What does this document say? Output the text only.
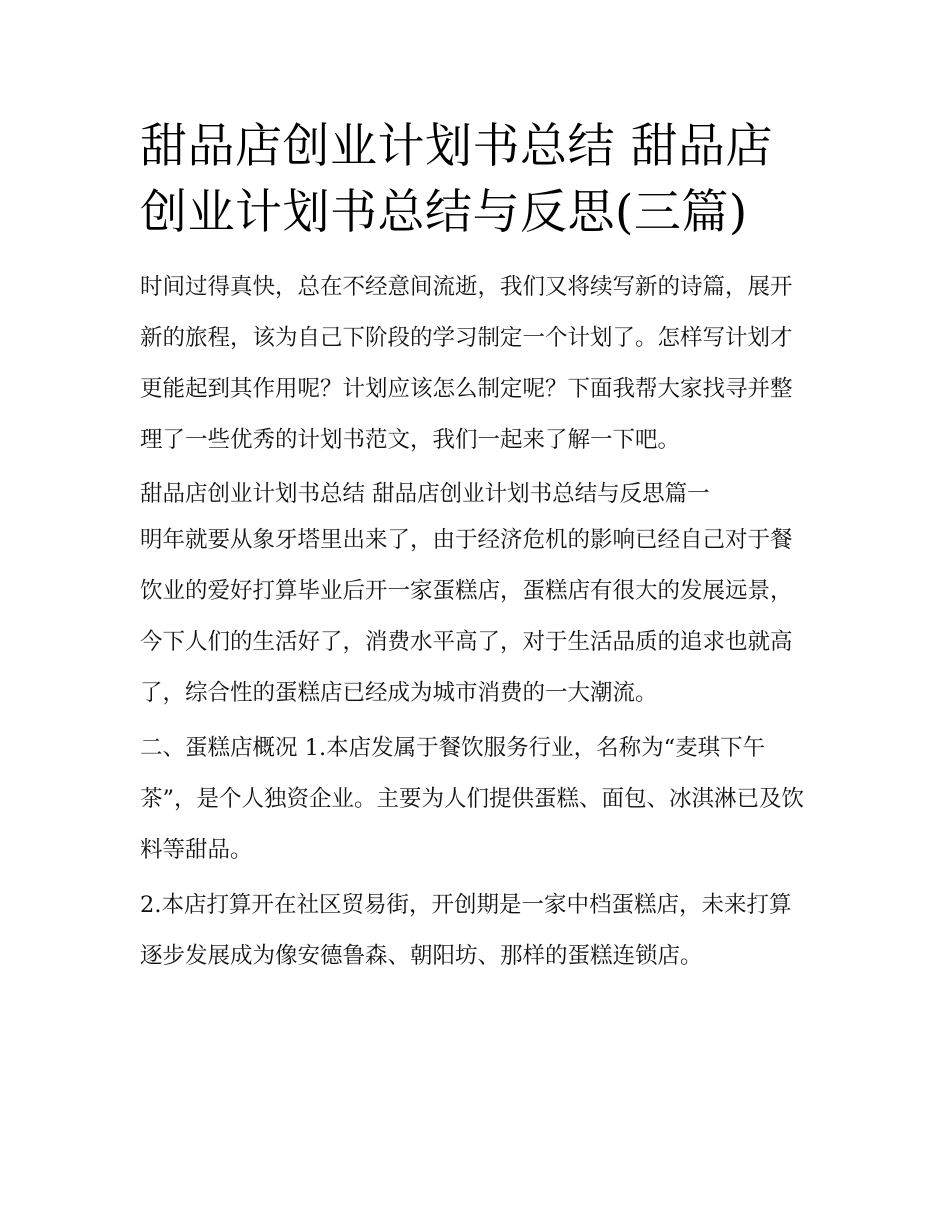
甜品店创业计划书总结 甜品店创业计划书总结与反思(三篇)

时间过得真快，总在不经意间流逝，我们又将续写新的诗篇，展开新的旅程，该为自己下阶段的学习制定一个计划了。怎样写计划才更能起到其作用呢？计划应该怎么制定呢？下面我帮大家找寻并整理了一些优秀的计划书范文，我们一起来了解一下吧。

甜品店创业计划书总结 甜品店创业计划书总结与反思篇一

明年就要从象牙塔里出来了，由于经济危机的影响已经自己对于餐饮业的爱好打算毕业后开一家蛋糕店，蛋糕店有很大的发展远景，今下人们的生活好了，消费水平高了，对于生活品质的追求也就高了，综合性的蛋糕店已经成为城市消费的一大潮流。

二、蛋糕店概况 1.本店发属于餐饮服务行业，名称为“麦琪下午茶”，是个人独资企业。主要为人们提供蛋糕、面包、冰淇淋已及饮料等甜品。

2.本店打算开在社区贸易街，开创期是一家中档蛋糕店，未来打算逐步发展成为像安德鲁森、朝阳坊、那样的蛋糕连锁店。
